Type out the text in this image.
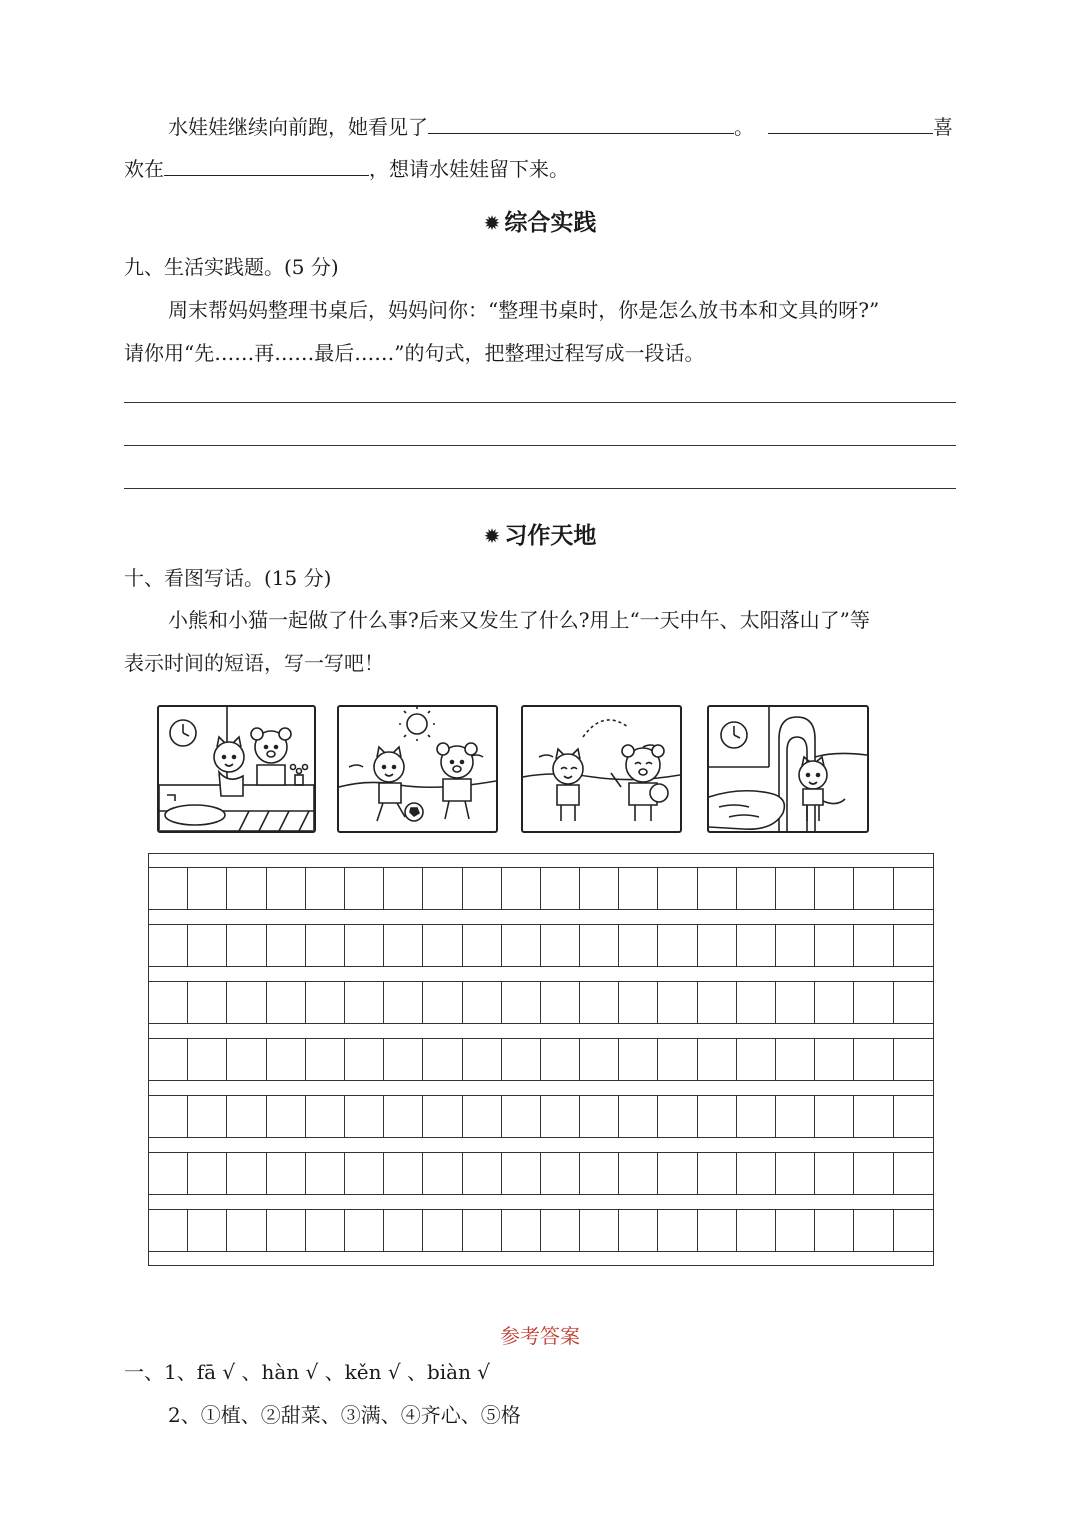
水娃娃继续向前跑，她看见了	。	喜
欢在	，想请水娃娃留下来。
✹ 综合实践
九、生活实践题。(5 分)
周末帮妈妈整理书桌后，妈妈问你：“整理书桌时，你是怎么放书本和文具的呀?”
请你用“先……再……最后……”的句式，把整理过程写成一段话。
✹ 习作天地
十、看图写话。(15 分)
小熊和小猫一起做了什么事?后来又发生了什么?用上“一天中午、太阳落山了”等
表示时间的短语，写一写吧！
参考答案
一、1、fā √ 、hàn √ 、kěn √ 、biàn √
2、①植、②甜菜、③满、④齐心、⑤格
